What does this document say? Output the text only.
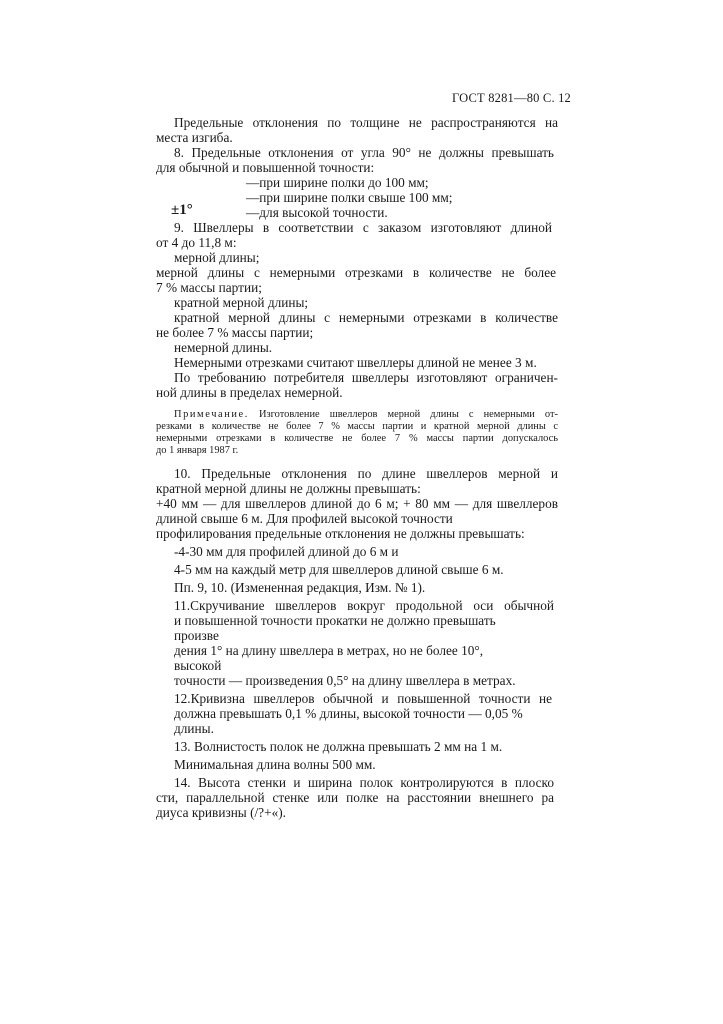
ГОСТ 8281—80 С. 12
Предельные отклонения по толщине не распространяются на
места изгиба.
8. Предельные отклонения от угла 90° не должны превышать
для обычной и повышенной точности:
—при ширине полки до 100 мм;
—при ширине полки свыше 100 мм;
±1°	—для высокой точности.
9. Швеллеры в соответствии с заказом изготовляют длиной
от 4 до 11,8 м:
мерной длины;
мерной длины с немерными отрезками в количестве не более
7 % массы партии;
кратной мерной длины;
кратной мерной длины с немерными отрезками в количестве
не более 7 % массы партии;
немерной длины.
Немерными отрезками считают швеллеры длиной не менее 3 м.
По требованию потребителя швеллеры изготовляют ограничен-
ной длины в пределах немерной.
Примечание. Изготовление швеллеров мерной длины с немерными от-
резками в количестве не более 7 % массы партии и кратной мерной длины с
немерными отрезками в количестве не более 7 % массы партии допускалось
до 1 января 1987 г.
10. Предельные отклонения по длине швеллеров мерной и
кратной мерной длины не должны превышать:
+40 мм — для швеллеров длиной до 6 м; + 80 мм — для швеллеров
длиной свыше 6 м. Для профилей высокой точности
профилирования предельные отклонения не должны превышать:
-4-30 мм для профилей длиной до 6 м и
4-5 мм на каждый метр для швеллеров длиной свыше 6 м.
Пп. 9, 10. (Измененная редакция, Изм. № 1).
11.Скручивание швеллеров вокруг продольной оси обычной
и повышенной точности прокатки не должно превышать
произве
дения 1° на длину швеллера в метрах, но не более 10°,
высокой
точности — произведения 0,5° на длину швеллера в метрах.
12.Кривизна швеллеров обычной и повышенной точности не
должна превышать 0,1 % длины, высокой точности — 0,05 %
длины.
13. Волнистость полок не должна превышать 2 мм на 1 м.
Минимальная длина волны 500 мм.
14. Высота стенки и ширина полок контролируются в плоско
сти, параллельной стенке или полке на расстоянии внешнего ра
диуса кривизны (/?+«).
